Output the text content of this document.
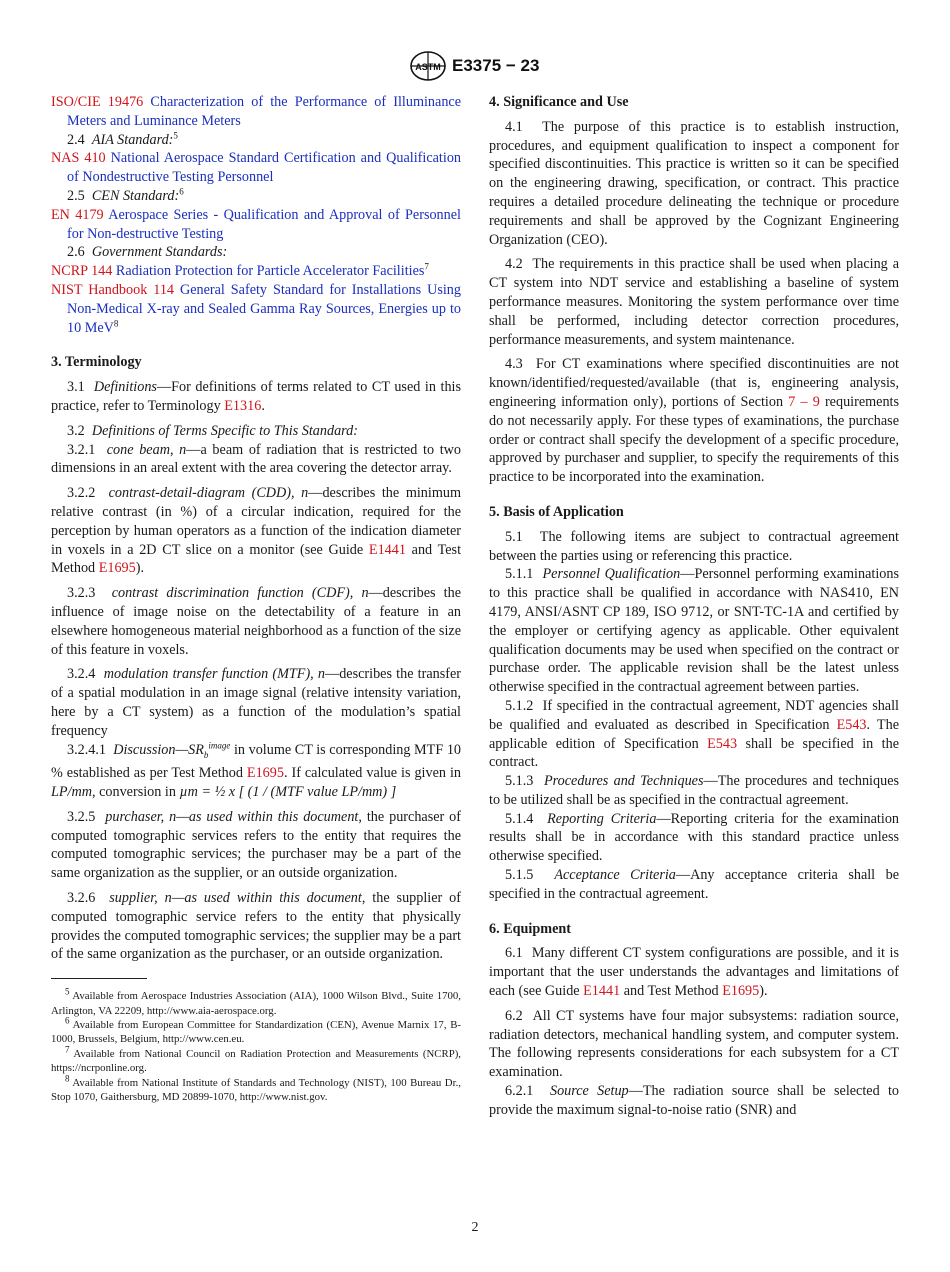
ASTM E3375 − 23

ISO/CIE 19476 Characterization of the Performance of Illuminance Meters and Luminance Meters

2.4 AIA Standard:$^5$

NAS 410 National Aerospace Standard Certification and Qualification of Nondestructive Testing Personnel

2.5 CEN Standard:$^6$

EN 4179 Aerospace Series - Qualification and Approval of Personnel for Non-destructive Testing

2.6 Government Standards:

NCRP 144 Radiation Protection for Particle Accelerator Facilities$^7$

NIST Handbook 114 General Safety Standard for Installations Using Non-Medical X-ray and Sealed Gamma Ray Sources, Energies up to 10 MeV$^8$

3. Terminology

3.1 Definitions—For definitions of terms related to CT used in this practice, refer to Terminology E1316.

3.2 Definitions of Terms Specific to This Standard:

3.2.1 cone beam, n—a beam of radiation that is restricted to two dimensions in an areal extent with the area covering the detector array.

3.2.2 contrast-detail-diagram (CDD), n—describes the minimum relative contrast (in %) of a circular indication, required for the perception by human operators as a function of the indication diameter in voxels in a 2D CT slice on a monitor (see Guide E1441 and Test Method E1695).

3.2.3 contrast discrimination function (CDF), n—describes the influence of image noise on the detectability of a feature in an elsewhere homogeneous material neighborhood as a function of the size of this feature in voxels.

3.2.4 modulation transfer function (MTF), n—describes the transfer of a spatial modulation in an image signal (relative intensity variation, here by a CT system) as a function of the modulation’s spatial frequency

3.2.4.1 $Discussion—SR_b^{image}$ in volume CT is corresponding MTF 10 % established as per Test Method E1695. If calculated value is given in LP/mm, conversion in µm = ½ x [ (1 / (MTF value LP/mm) ]

3.2.5 purchaser, n—as used within this document, the purchaser of computed tomographic services refers to the entity that requires the computed tomographic services; the purchaser may be a part of the same organization as the supplier, or an outside organization.

3.2.6 supplier, n—as used within this document, the supplier of computed tomographic service refers to the entity that physically provides the computed tomographic services; the supplier may be a part of the same organization as the purchaser, or an outside organization.

$^5$ Available from Aerospace Industries Association (AIA), 1000 Wilson Blvd., Suite 1700, Arlington, VA 22209, http://www.aia-aerospace.org.

$^6$ Available from European Committee for Standardization (CEN), Avenue Marnix 17, B-1000, Brussels, Belgium, http://www.cen.eu.

$^7$ Available from National Council on Radiation Protection and Measurements (NCRP), https://ncrponline.org.

$^8$ Available from National Institute of Standards and Technology (NIST), 100 Bureau Dr., Stop 1070, Gaithersburg, MD 20899-1070, http://www.nist.gov.

4. Significance and Use

4.1 The purpose of this practice is to establish instruction, procedures, and equipment qualification to inspect a component for specified discontinuities. This practice is written so it can be specified on the engineering drawing, specification, or contract. This practice requires a detailed procedure delineating the technique or procedure requirements and shall be approved by the Cognizant Engineering Organization (CEO).

4.2 The requirements in this practice shall be used when placing a CT system into NDT service and establishing a baseline of system performance measures. Monitoring the system performance over time shall be performed, including detector correction procedures, performance measurements, and system maintenance.

4.3 For CT examinations where specified discontinuities are not known/identified/requested/available (that is, engineering analysis, engineering information only), portions of Section 7 – 9 requirements do not necessarily apply. For these types of examinations, the purchase order or contract shall specify the development of a specific procedure, approved by purchaser and supplier, to specify the requirements of this practice to be incorporated into the examination.

5. Basis of Application

5.1 The following items are subject to contractual agreement between the parties using or referencing this practice.

5.1.1 Personnel Qualification—Personnel performing examinations to this practice shall be qualified in accordance with NAS410, EN 4179, ANSI/ASNT CP 189, ISO 9712, or SNT-TC-1A and certified by the employer or certifying agency as applicable. Other equivalent qualification documents may be used when specified on the contract or purchase order. The applicable revision shall be the latest unless otherwise specified in the contractual agreement between parties.

5.1.2 If specified in the contractual agreement, NDT agencies shall be qualified and evaluated as described in Specification E543. The applicable edition of Specification E543 shall be specified in the contract.

5.1.3 Procedures and Techniques—The procedures and techniques to be utilized shall be as specified in the contractual agreement.

5.1.4 Reporting Criteria—Reporting criteria for the examination results shall be in accordance with this standard practice unless otherwise specified.

5.1.5 Acceptance Criteria—Any acceptance criteria shall be specified in the contractual agreement.

6. Equipment

6.1 Many different CT system configurations are possible, and it is important that the user understands the advantages and limitations of each (see Guide E1441 and Test Method E1695).

6.2 All CT systems have four major subsystems: radiation source, radiation detectors, mechanical handling system, and computer system. The following represents considerations for each subsystem for a CT examination.

6.2.1 Source Setup—The radiation source shall be selected to provide the maximum signal-to-noise ratio (SNR) and

2
